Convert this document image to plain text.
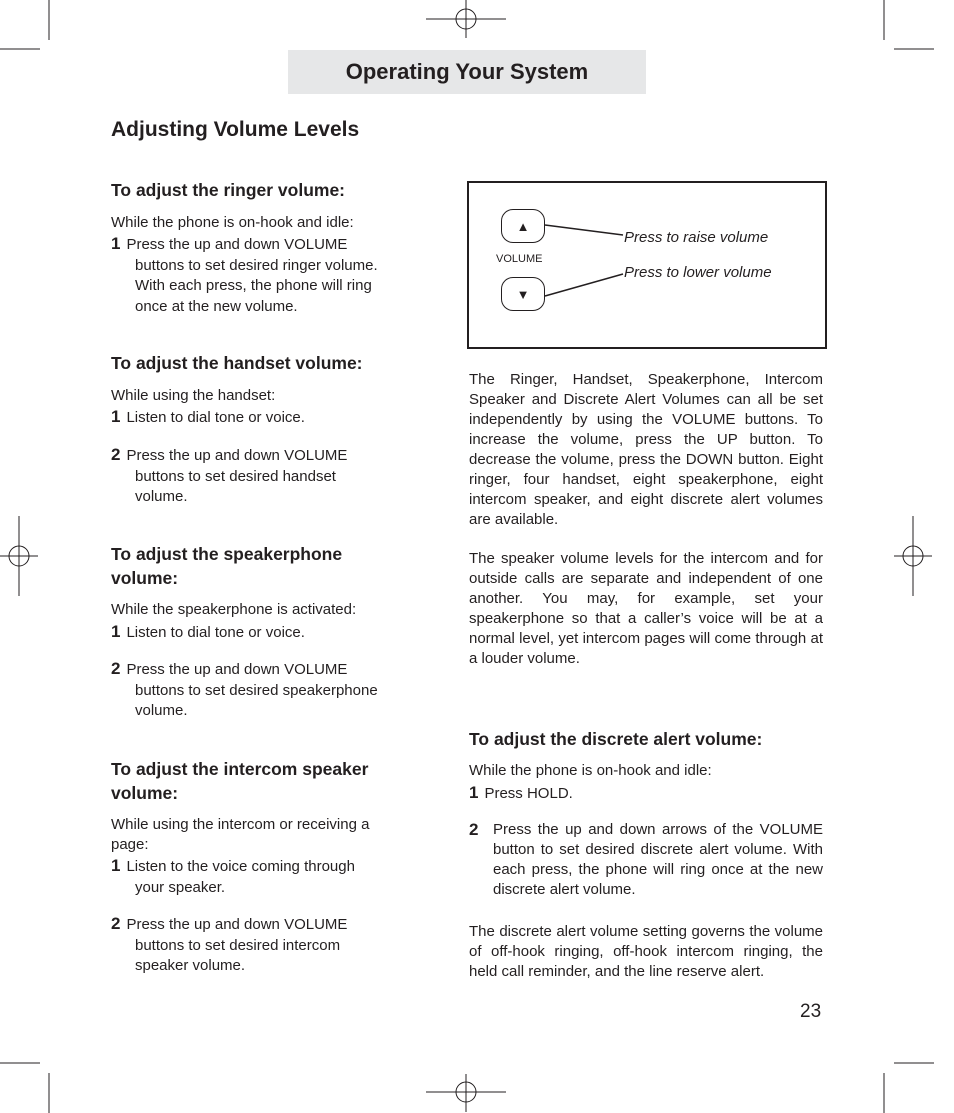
Operating Your System
Adjusting Volume Levels
To adjust the ringer volume:
While the phone is on-hook and idle:
1 Press the up and down VOLUME
buttons to set desired ringer volume.
With each press, the phone will ring
once at the new volume.
To adjust the handset volume:
While using the handset:
1 Listen to dial tone or voice.
2 Press the up and down VOLUME
buttons to set desired handset
volume.
To adjust the speakerphone
volume:
While the speakerphone is activated:
1 Listen to dial tone or voice.
2 Press the up and down VOLUME
buttons to set desired speakerphone
volume.
To adjust the intercom speaker
volume:
While using the intercom or receiving a
page:
1 Listen to the voice coming through
your speaker.
2 Press the up and down VOLUME
buttons to set desired intercom
speaker volume.
▲
VOLUME
▼
Press to raise volume
Press to lower volume
The Ringer, Handset, Speakerphone, Intercom Speaker and Discrete Alert Volumes can all be set independently by using the VOLUME buttons. To increase the volume, press the UP button. To decrease the volume, press the DOWN button. Eight ringer, four handset, eight speakerphone, eight intercom speaker, and eight discrete alert volumes are available.
The speaker volume levels for the intercom and for outside calls are separate and independent of one another. You may, for example, set your speakerphone so that a caller’s voice will be at a normal level, yet intercom pages will come through at a louder volume.
To adjust the discrete alert volume:
While the phone is on-hook and idle:
1 Press HOLD.
2 Press the up and down arrows of the VOLUME button to set desired discrete alert volume. With each press, the phone will ring once at the new discrete alert volume.
The discrete alert volume setting governs the volume of off-hook ringing, off-hook intercom ringing, the held call reminder, and the line reserve alert.
23
